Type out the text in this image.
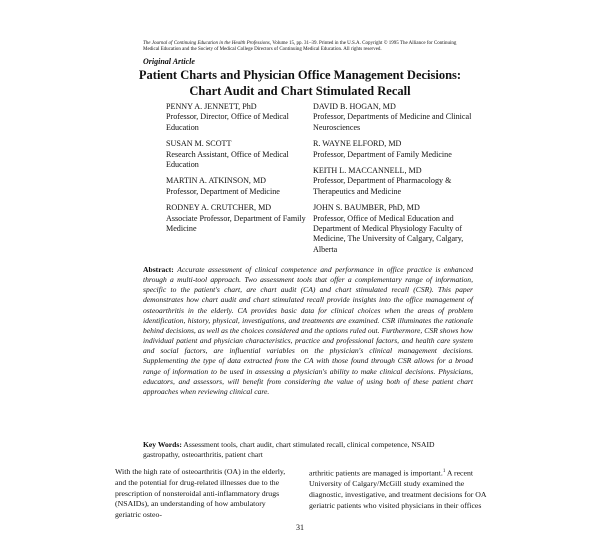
The Journal of Continuing Education in the Health Professions, Volume 15, pp. 31–39. Printed in the U.S.A. Copyright © 1995 The Alliance for Continuing Medical Education and the Society of Medical College Directors of Continuing Medical Education. All rights reserved.
Original Article
Patient Charts and Physician Office Management Decisions:
Chart Audit and Chart Stimulated Recall
PENNY A. JENNETT, PhD
Professor, Director, Office of Medical Education
SUSAN M. SCOTT
Research Assistant, Office of Medical Education
MARTIN A. ATKINSON, MD
Professor, Department of Medicine
RODNEY A. CRUTCHER, MD
Associate Professor, Department of Family Medicine
DAVID B. HOGAN, MD
Professor, Departments of Medicine and Clinical Neurosciences
R. WAYNE ELFORD, MD
Professor, Department of Family Medicine
KEITH L. MACCANNELL, MD
Professor, Department of Pharmacology & Therapeutics and Medicine
JOHN S. BAUMBER, PhD, MD
Professor, Office of Medical Education and Department of Medical Physiology Faculty of Medicine, The University of Calgary, Calgary, Alberta
Abstract: Accurate assessment of clinical competence and performance in office practice is enhanced through a multi-tool approach. Two assessment tools that offer a complementary range of information, specific to the patient's chart, are chart audit (CA) and chart stimulated recall (CSR). This paper demonstrates how chart audit and chart stimulated recall provide insights into the office management of osteoarthritis in the elderly. CA provides basic data for clinical choices when the areas of problem identification, history, physical, investigations, and treatments are examined. CSR illuminates the rationale behind decisions, as well as the choices considered and the options ruled out. Furthermore, CSR shows how individual patient and physician characteristics, practice and professional factors, and health care system and social factors, are influential variables on the physician's clinical management decisions. Supplementing the type of data extracted from the CA with those found through CSR allows for a broad range of information to be used in assessing a physician's ability to make clinical decisions. Physicians, educators, and assessors, will benefit from considering the value of using both of these patient chart approaches when reviewing clinical care.
Key Words: Assessment tools, chart audit, chart stimulated recall, clinical competence, NSAID gastropathy, osteoarthritis, patient chart
With the high rate of osteoarthritis (OA) in the elderly, and the potential for drug-related illnesses due to the prescription of nonsteroidal anti-inflammatory drugs (NSAIDs), an understanding of how ambulatory geriatric osteo-
arthritic patients are managed is important.$^1$ A recent University of Calgary/McGill study examined the diagnostic, investigative, and treatment decisions for OA geriatric patients who visited physicians in their offices
31
